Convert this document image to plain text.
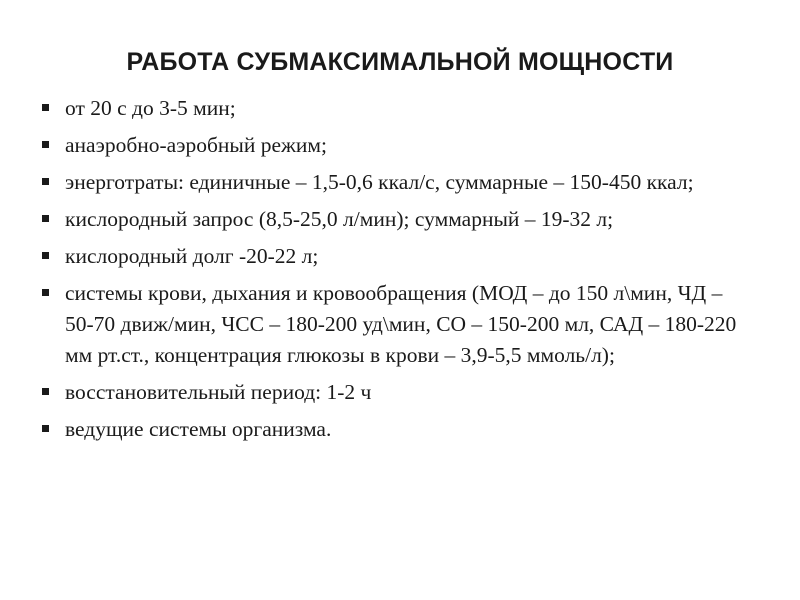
РАБОТА СУБМАКСИМАЛЬНОЙ МОЩНОСТИ
от 20 с до 3-5 мин;
анаэробно-аэробный режим;
энерготраты: единичные – 1,5-0,6 ккал/с, суммарные – 150-450 ккал;
кислородный запрос (8,5-25,0 л/мин); суммарный – 19-32 л;
кислородный долг -20-22 л;
системы крови, дыхания и кровообращения (МОД – до 150 л\мин, ЧД – 50-70 движ/мин, ЧСС – 180-200 уд\мин, СО – 150-200 мл, САД – 180-220 мм рт.ст., концентрация глюкозы в крови – 3,9-5,5 ммоль/л);
восстановительный период: 1-2 ч
ведущие системы организма.
